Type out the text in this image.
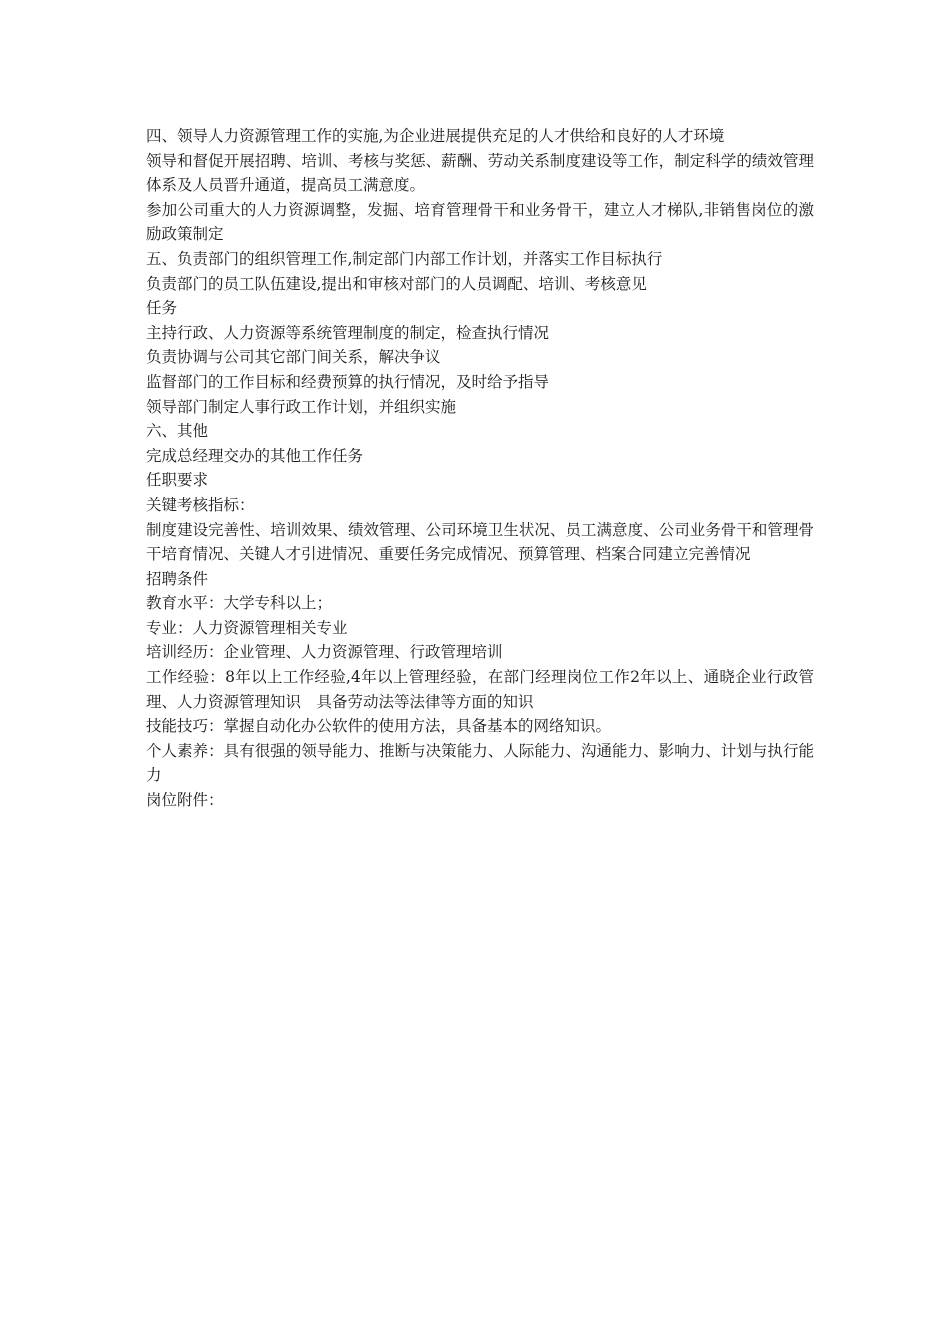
四、领导人力资源管理工作的实施,为企业进展提供充足的人才供给和良好的人才环境

领导和督促开展招聘、培训、考核与奖惩、薪酬、劳动关系制度建设等工作，制定科学的绩效管理体系及人员晋升通道，提高员工满意度。

参加公司重大的人力资源调整，发掘、培育管理骨干和业务骨干，建立人才梯队,非销售岗位的激励政策制定

五、负责部门的组织管理工作,制定部门内部工作计划，并落实工作目标执行

负责部门的员工队伍建设,提出和审核对部门的人员调配、培训、考核意见

任务

主持行政、人力资源等系统管理制度的制定，检查执行情况

负责协调与公司其它部门间关系，解决争议

监督部门的工作目标和经费预算的执行情况，及时给予指导

领导部门制定人事行政工作计划，并组织实施

六、其他

完成总经理交办的其他工作任务

任职要求

关键考核指标：

制度建设完善性、培训效果、绩效管理、公司环境卫生状况、员工满意度、公司业务骨干和管理骨干培育情况、关键人才引进情况、重要任务完成情况、预算管理、档案合同建立完善情况

招聘条件

教育水平：大学专科以上；

专业：人力资源管理相关专业

培训经历：企业管理、人力资源管理、行政管理培训

工作经验：8年以上工作经验,4年以上管理经验，在部门经理岗位工作2年以上、通晓企业行政管理、人力资源管理知识　具备劳动法等法律等方面的知识

技能技巧：掌握自动化办公软件的使用方法，具备基本的网络知识。

个人素养：具有很强的领导能力、推断与决策能力、人际能力、沟通能力、影响力、计划与执行能力

岗位附件：
